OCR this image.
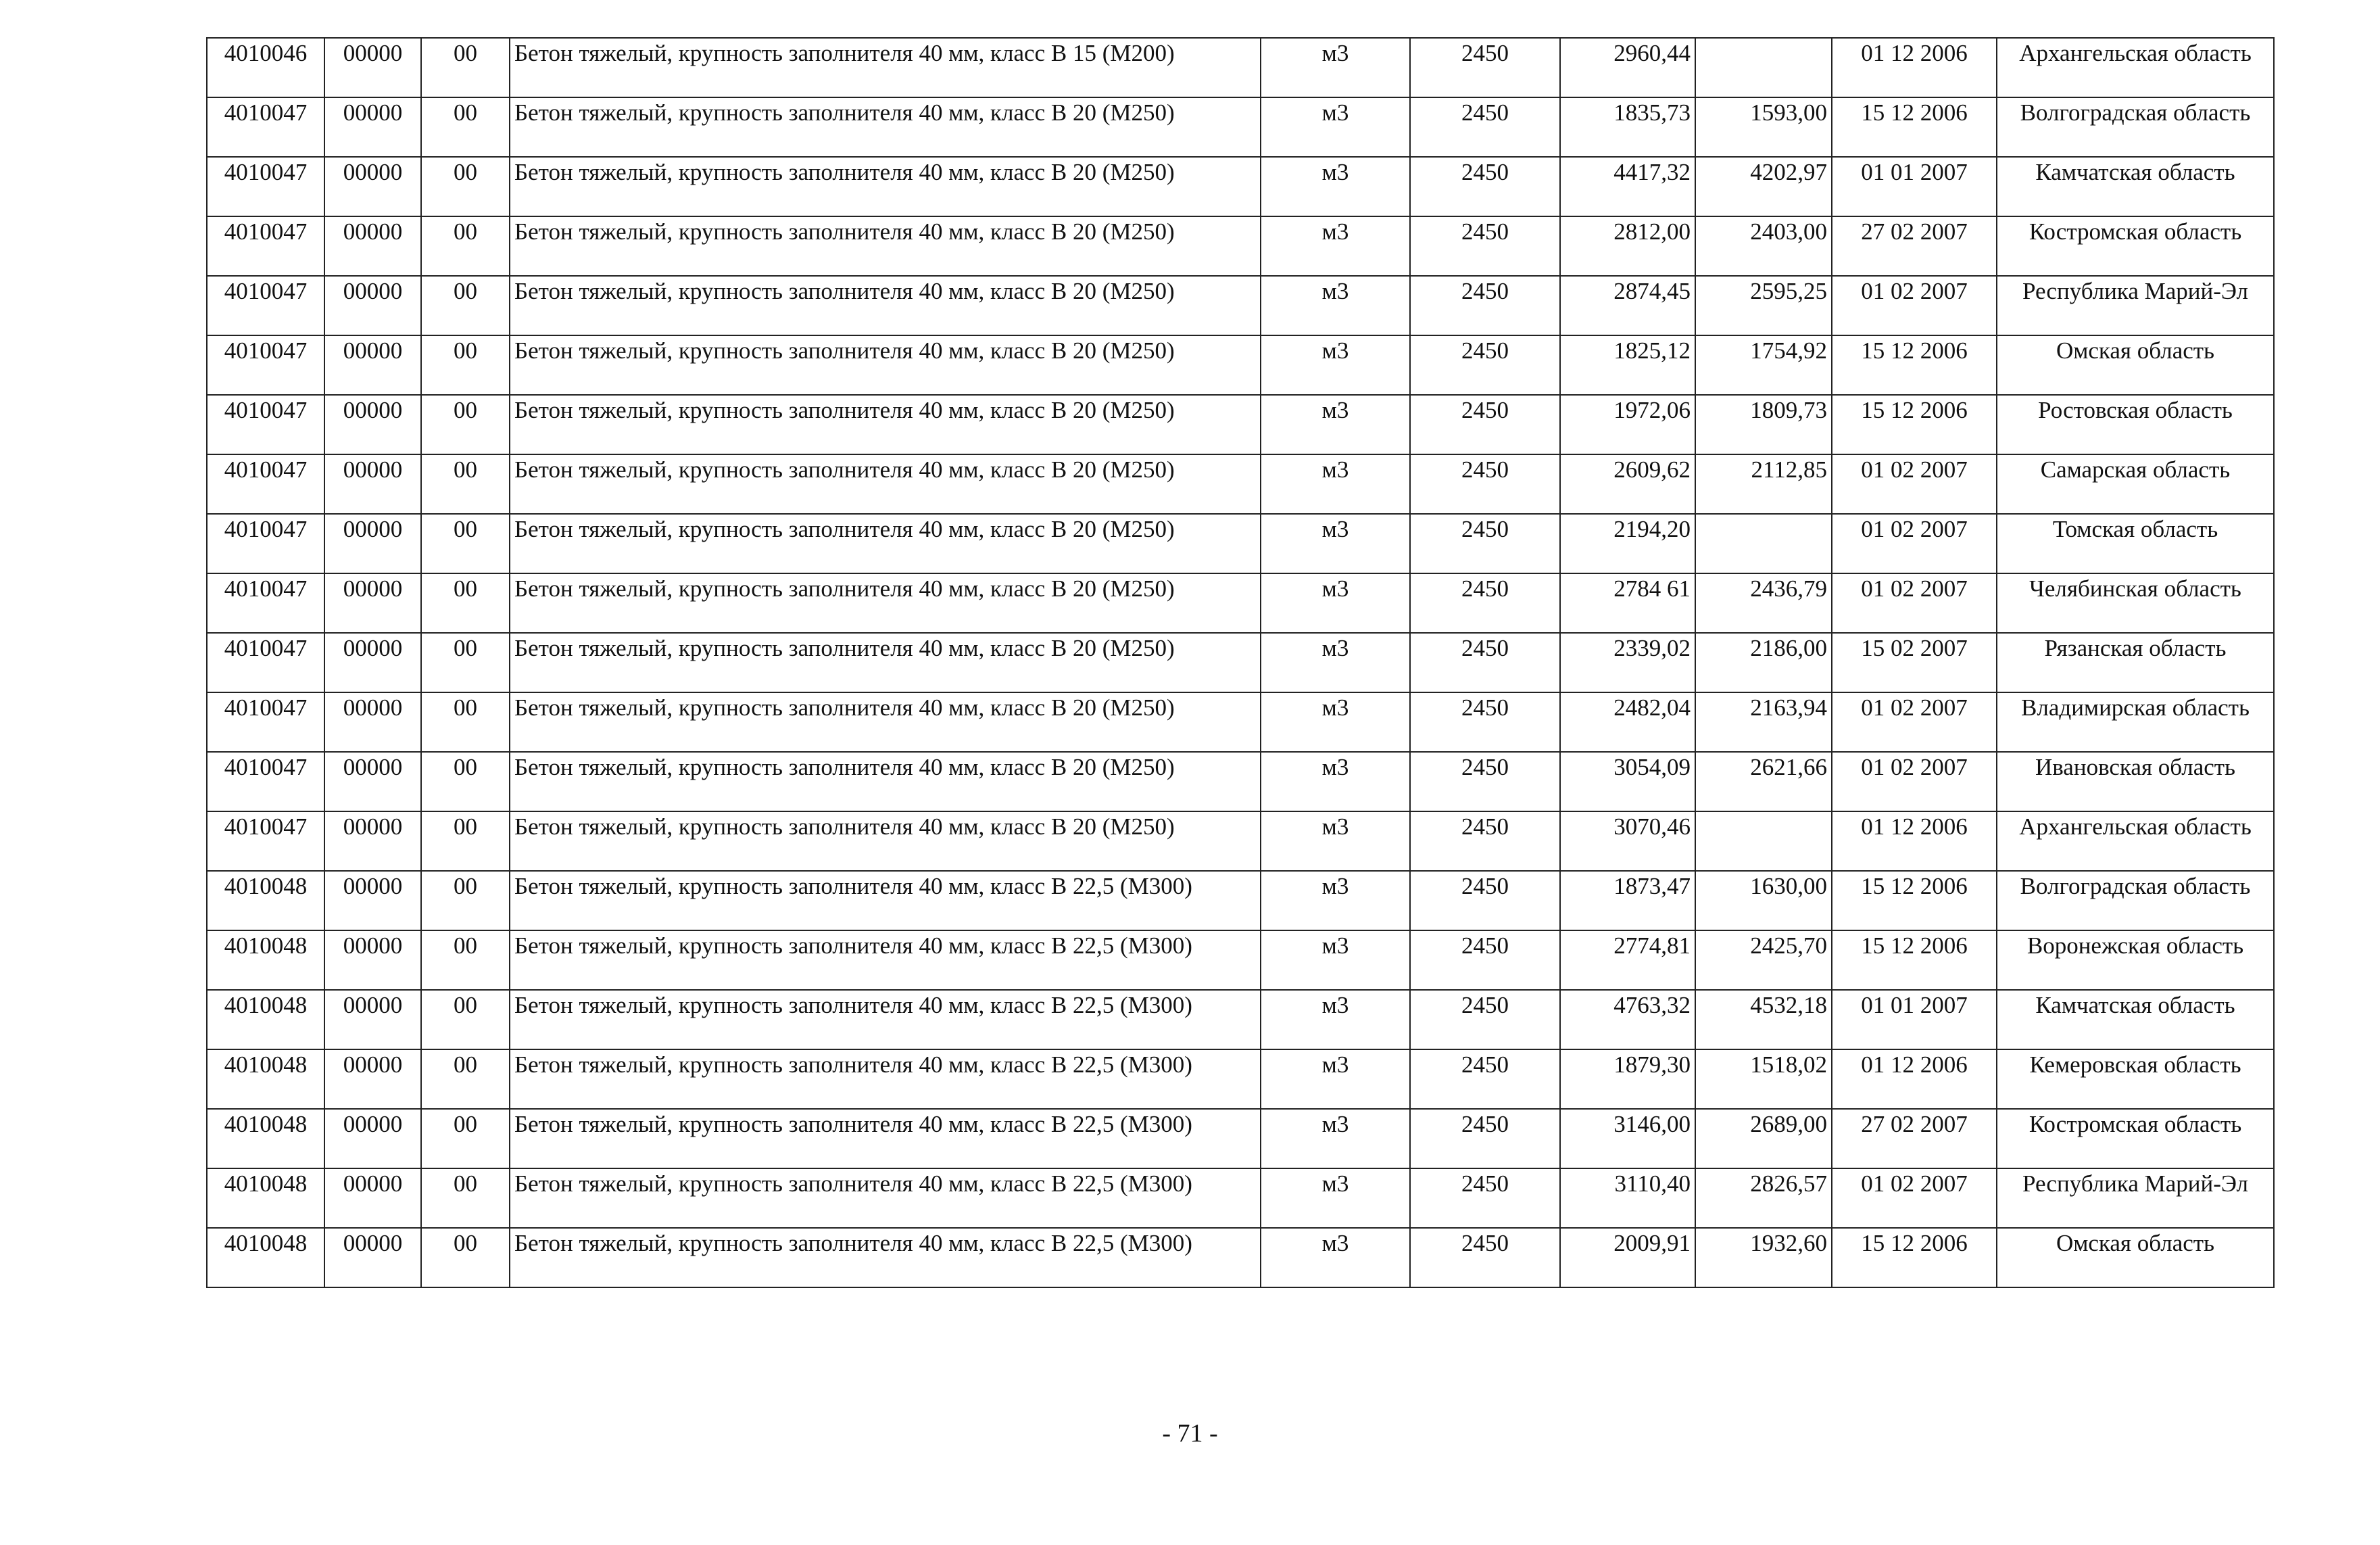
4010046	00000	00	Бетон тяжелый, крупность заполнителя 40 мм, класс В 15 (М200)	м3	2450	2960,44		01 12 2006	Архангельская область
4010047	00000	00	Бетон тяжелый, крупность заполнителя 40 мм, класс В 20 (М250)	м3	2450	1835,73	1593,00	15 12 2006	Волгоградская область
4010047	00000	00	Бетон тяжелый, крупность заполнителя 40 мм, класс В 20 (М250)	м3	2450	4417,32	4202,97	01 01 2007	Камчатская область
4010047	00000	00	Бетон тяжелый, крупность заполнителя 40 мм, класс В 20 (М250)	м3	2450	2812,00	2403,00	27 02 2007	Костромская область
4010047	00000	00	Бетон тяжелый, крупность заполнителя 40 мм, класс В 20 (М250)	м3	2450	2874,45	2595,25	01 02 2007	Республика Марий-Эл
4010047	00000	00	Бетон тяжелый, крупность заполнителя 40 мм, класс В 20 (М250)	м3	2450	1825,12	1754,92	15 12 2006	Омская область
4010047	00000	00	Бетон тяжелый, крупность заполнителя 40 мм, класс В 20 (М250)	м3	2450	1972,06	1809,73	15 12 2006	Ростовская область
4010047	00000	00	Бетон тяжелый, крупность заполнителя 40 мм, класс В 20 (М250)	м3	2450	2609,62	2112,85	01 02 2007	Самарская область
4010047	00000	00	Бетон тяжелый, крупность заполнителя 40 мм, класс В 20 (М250)	м3	2450	2194,20		01 02 2007	Томская область
4010047	00000	00	Бетон тяжелый, крупность заполнителя 40 мм, класс В 20 (М250)	м3	2450	2784 61	2436,79	01 02 2007	Челябинская область
4010047	00000	00	Бетон тяжелый, крупность заполнителя 40 мм, класс В 20 (М250)	м3	2450	2339,02	2186,00	15 02 2007	Рязанская область
4010047	00000	00	Бетон тяжелый, крупность заполнителя 40 мм, класс В 20 (М250)	м3	2450	2482,04	2163,94	01 02 2007	Владимирская область
4010047	00000	00	Бетон тяжелый, крупность заполнителя 40 мм, класс В 20 (М250)	м3	2450	3054,09	2621,66	01 02 2007	Ивановская область
4010047	00000	00	Бетон тяжелый, крупность заполнителя 40 мм, класс В 20 (М250)	м3	2450	3070,46		01 12 2006	Архангельская область
4010048	00000	00	Бетон тяжелый, крупность заполнителя 40 мм, класс В 22,5 (М300)	м3	2450	1873,47	1630,00	15 12 2006	Волгоградская область
4010048	00000	00	Бетон тяжелый, крупность заполнителя 40 мм, класс В 22,5 (М300)	м3	2450	2774,81	2425,70	15 12 2006	Воронежская область
4010048	00000	00	Бетон тяжелый, крупность заполнителя 40 мм, класс В 22,5 (М300)	м3	2450	4763,32	4532,18	01 01 2007	Камчатская область
4010048	00000	00	Бетон тяжелый, крупность заполнителя 40 мм, класс В 22,5 (М300)	м3	2450	1879,30	1518,02	01 12 2006	Кемеровская область
4010048	00000	00	Бетон тяжелый, крупность заполнителя 40 мм, класс В 22,5 (М300)	м3	2450	3146,00	2689,00	27 02 2007	Костромская область
4010048	00000	00	Бетон тяжелый, крупность заполнителя 40 мм, класс В 22,5 (М300)	м3	2450	3110,40	2826,57	01 02 2007	Республика Марий-Эл
4010048	00000	00	Бетон тяжелый, крупность заполнителя 40 мм, класс В 22,5 (М300)	м3	2450	2009,91	1932,60	15 12 2006	Омская область
- 71 -
